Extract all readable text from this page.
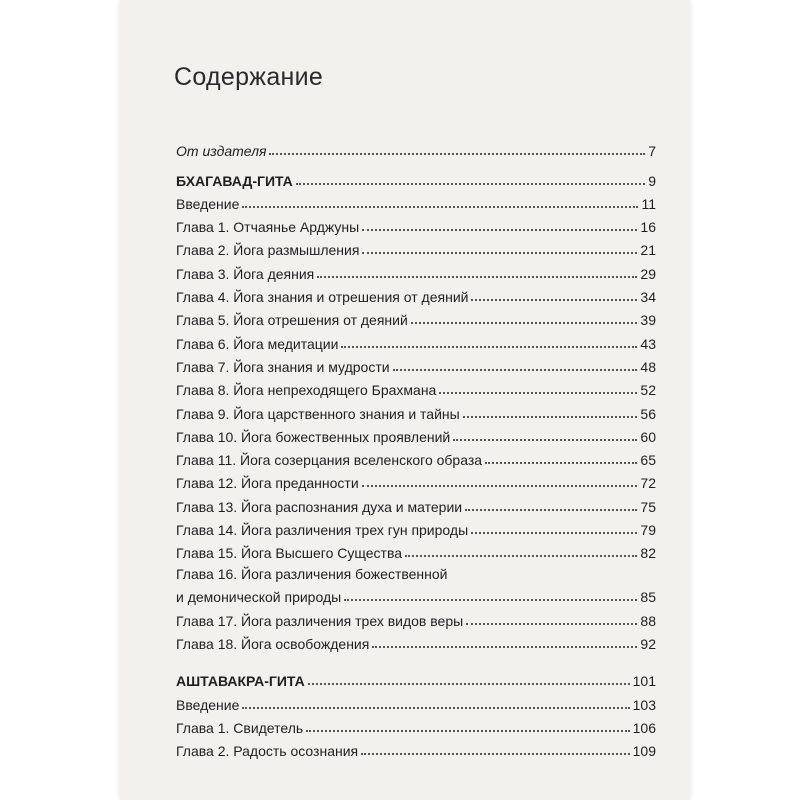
Содержание
От издателя	7
БХАГАВАД-ГИТА	9
Введение	11
Глава 1. Отчаянье Арджуны	16
Глава 2. Йога размышления	21
Глава 3. Йога деяния	29
Глава 4. Йога знания и отрешения от деяний	34
Глава 5. Йога отрешения от деяний	39
Глава 6. Йога медитации	43
Глава 7. Йога знания и мудрости	48
Глава 8. Йога непреходящего Брахмана	52
Глава 9. Йога царственного знания и тайны	56
Глава 10. Йога божественных проявлений	60
Глава 11. Йога созерцания вселенского образа	65
Глава 12. Йога преданности	72
Глава 13. Йога распознания духа и материи	75
Глава 14. Йога различения трех гун природы	79
Глава 15. Йога Высшего Существа	82
Глава 16. Йога различения божественной
и демонической природы	85
Глава 17. Йога различения трех видов веры	88
Глава 18. Йога освобождения	92
АШТАВАКРА-ГИТА	101
Введение	103
Глава 1. Свидетель	106
Глава 2. Радость осознания	109
